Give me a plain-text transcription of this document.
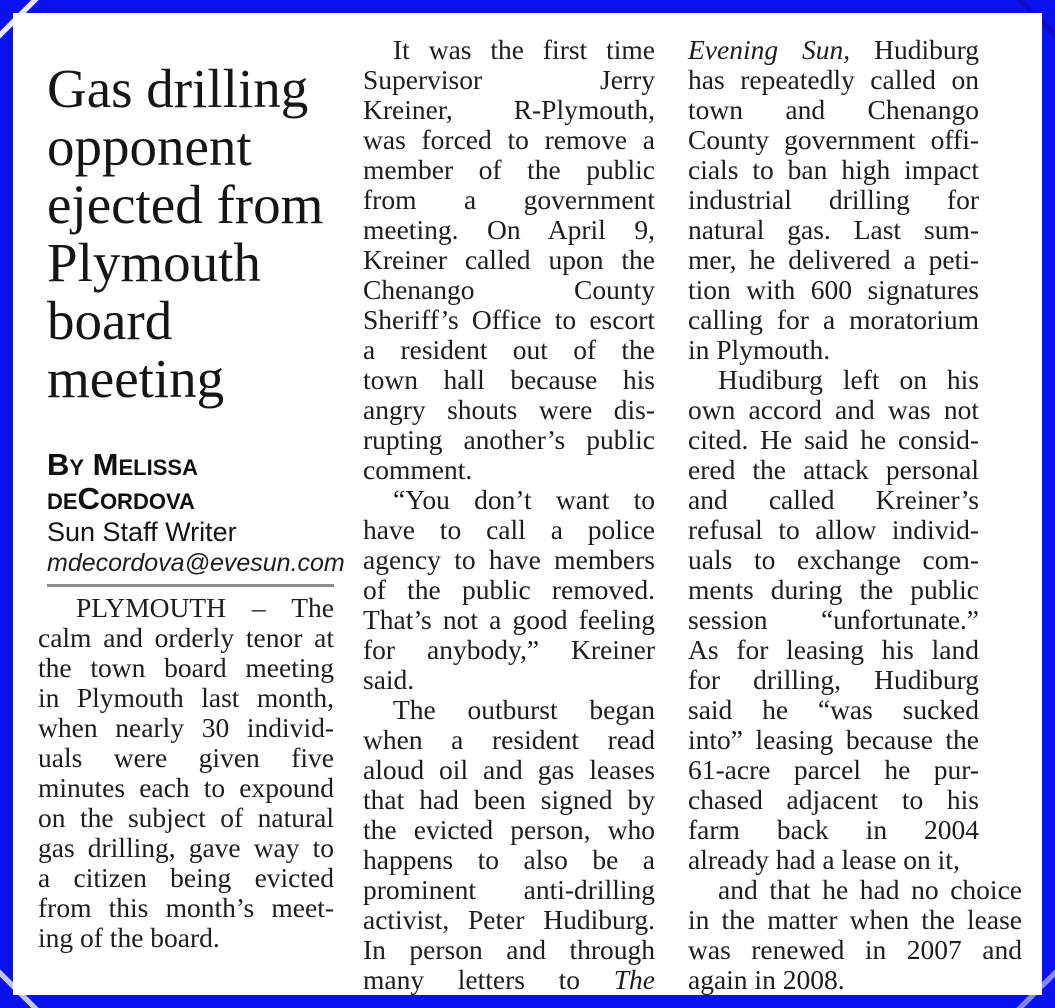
Gas drilling
opponent
ejected from
Plymouth
board
meeting
By Melissa
deCordova
Sun Staff Writer
mdecordova@evesun.com
PLYMOUTH – The
calm and orderly tenor at
the town board meeting
in Plymouth last month,
when nearly 30 individ-
uals were given five
minutes each to expound
on the subject of natural
gas drilling, gave way to
a citizen being evicted
from this month’s meet-
ing of the board.
It was the first time
Supervisor Jerry
Kreiner, R-Plymouth,
was forced to remove a
member of the public
from a government
meeting. On April 9,
Kreiner called upon the
Chenango County
Sheriff’s Office to escort
a resident out of the
town hall because his
angry shouts were dis-
rupting another’s public
comment.
“You don’t want to
have to call a police
agency to have members
of the public removed.
That’s not a good feeling
for anybody,” Kreiner
said.
The outburst began
when a resident read
aloud oil and gas leases
that had been signed by
the evicted person, who
happens to also be a
prominent anti-drilling
activist, Peter Hudiburg.
In person and through
many letters to The
Evening Sun, Hudiburg
has repeatedly called on
town and Chenango
County government offi-
cials to ban high impact
industrial drilling for
natural gas. Last sum-
mer, he delivered a peti-
tion with 600 signatures
calling for a moratorium
in Plymouth.
Hudiburg left on his
own accord and was not
cited. He said he consid-
ered the attack personal
and called Kreiner’s
refusal to allow individ-
uals to exchange com-
ments during the public
session “unfortunate.”
As for leasing his land
for drilling, Hudiburg
said he “was sucked
into” leasing because the
61-acre parcel he pur-
chased adjacent to his
farm back in 2004
already had a lease on it,
and that he had no choice
in the matter when the lease
was renewed in 2007 and
again in 2008.
